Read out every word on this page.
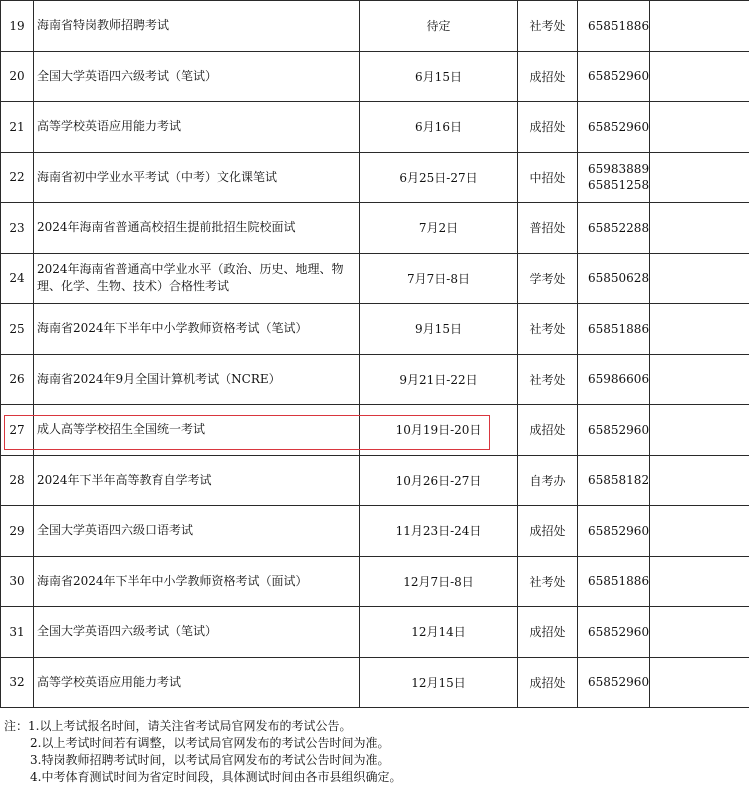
19	海南省特岗教师招聘考试	待定	社考处	65851886	

20	全国大学英语四六级考试（笔试）	6月15日	成招处	65852960	

21	高等学校英语应用能力考试	6月16日	成招处	65852960	

22	海南省初中学业水平考试（中考）文化课笔试	6月25日-27日	中招处	65983889
65851258	

23	2024年海南省普通高校招生提前批招生院校面试	7月2日	普招处	65852288	

24	2024年海南省普通高中学业水平（政治、历史、地理、物
理、化学、生物、技术）合格性考试	7月7日-8日	学考处	65850628	

25	海南省2024年下半年中小学教师资格考试（笔试）	9月15日	社考处	65851886	

26	海南省2024年9月全国计算机考试（NCRE）	9月21日-22日	社考处	65986606	

27	成人高等学校招生全国统一考试	10月19日-20日	成招处	65852960	

28	2024年下半年高等教育自学考试	10月26日-27日	自考办	65858182	

29	全国大学英语四六级口语考试	11月23日-24日	成招处	65852960	

30	海南省2024年下半年中小学教师资格考试（面试）	12月7日-8日	社考处	65851886	

31	全国大学英语四六级考试（笔试）	12月14日	成招处	65852960	

32	高等学校英语应用能力考试	12月15日	成招处	65852960	

注：1.以上考试报名时间，请关注省考试局官网发布的考试公告。
2.以上考试时间若有调整，以考试局官网发布的考试公告时间为准。
3.特岗教师招聘考试时间，以考试局官网发布的考试公告时间为准。
4.中考体育测试时间为省定时间段，具体测试时间由各市县组织确定。
